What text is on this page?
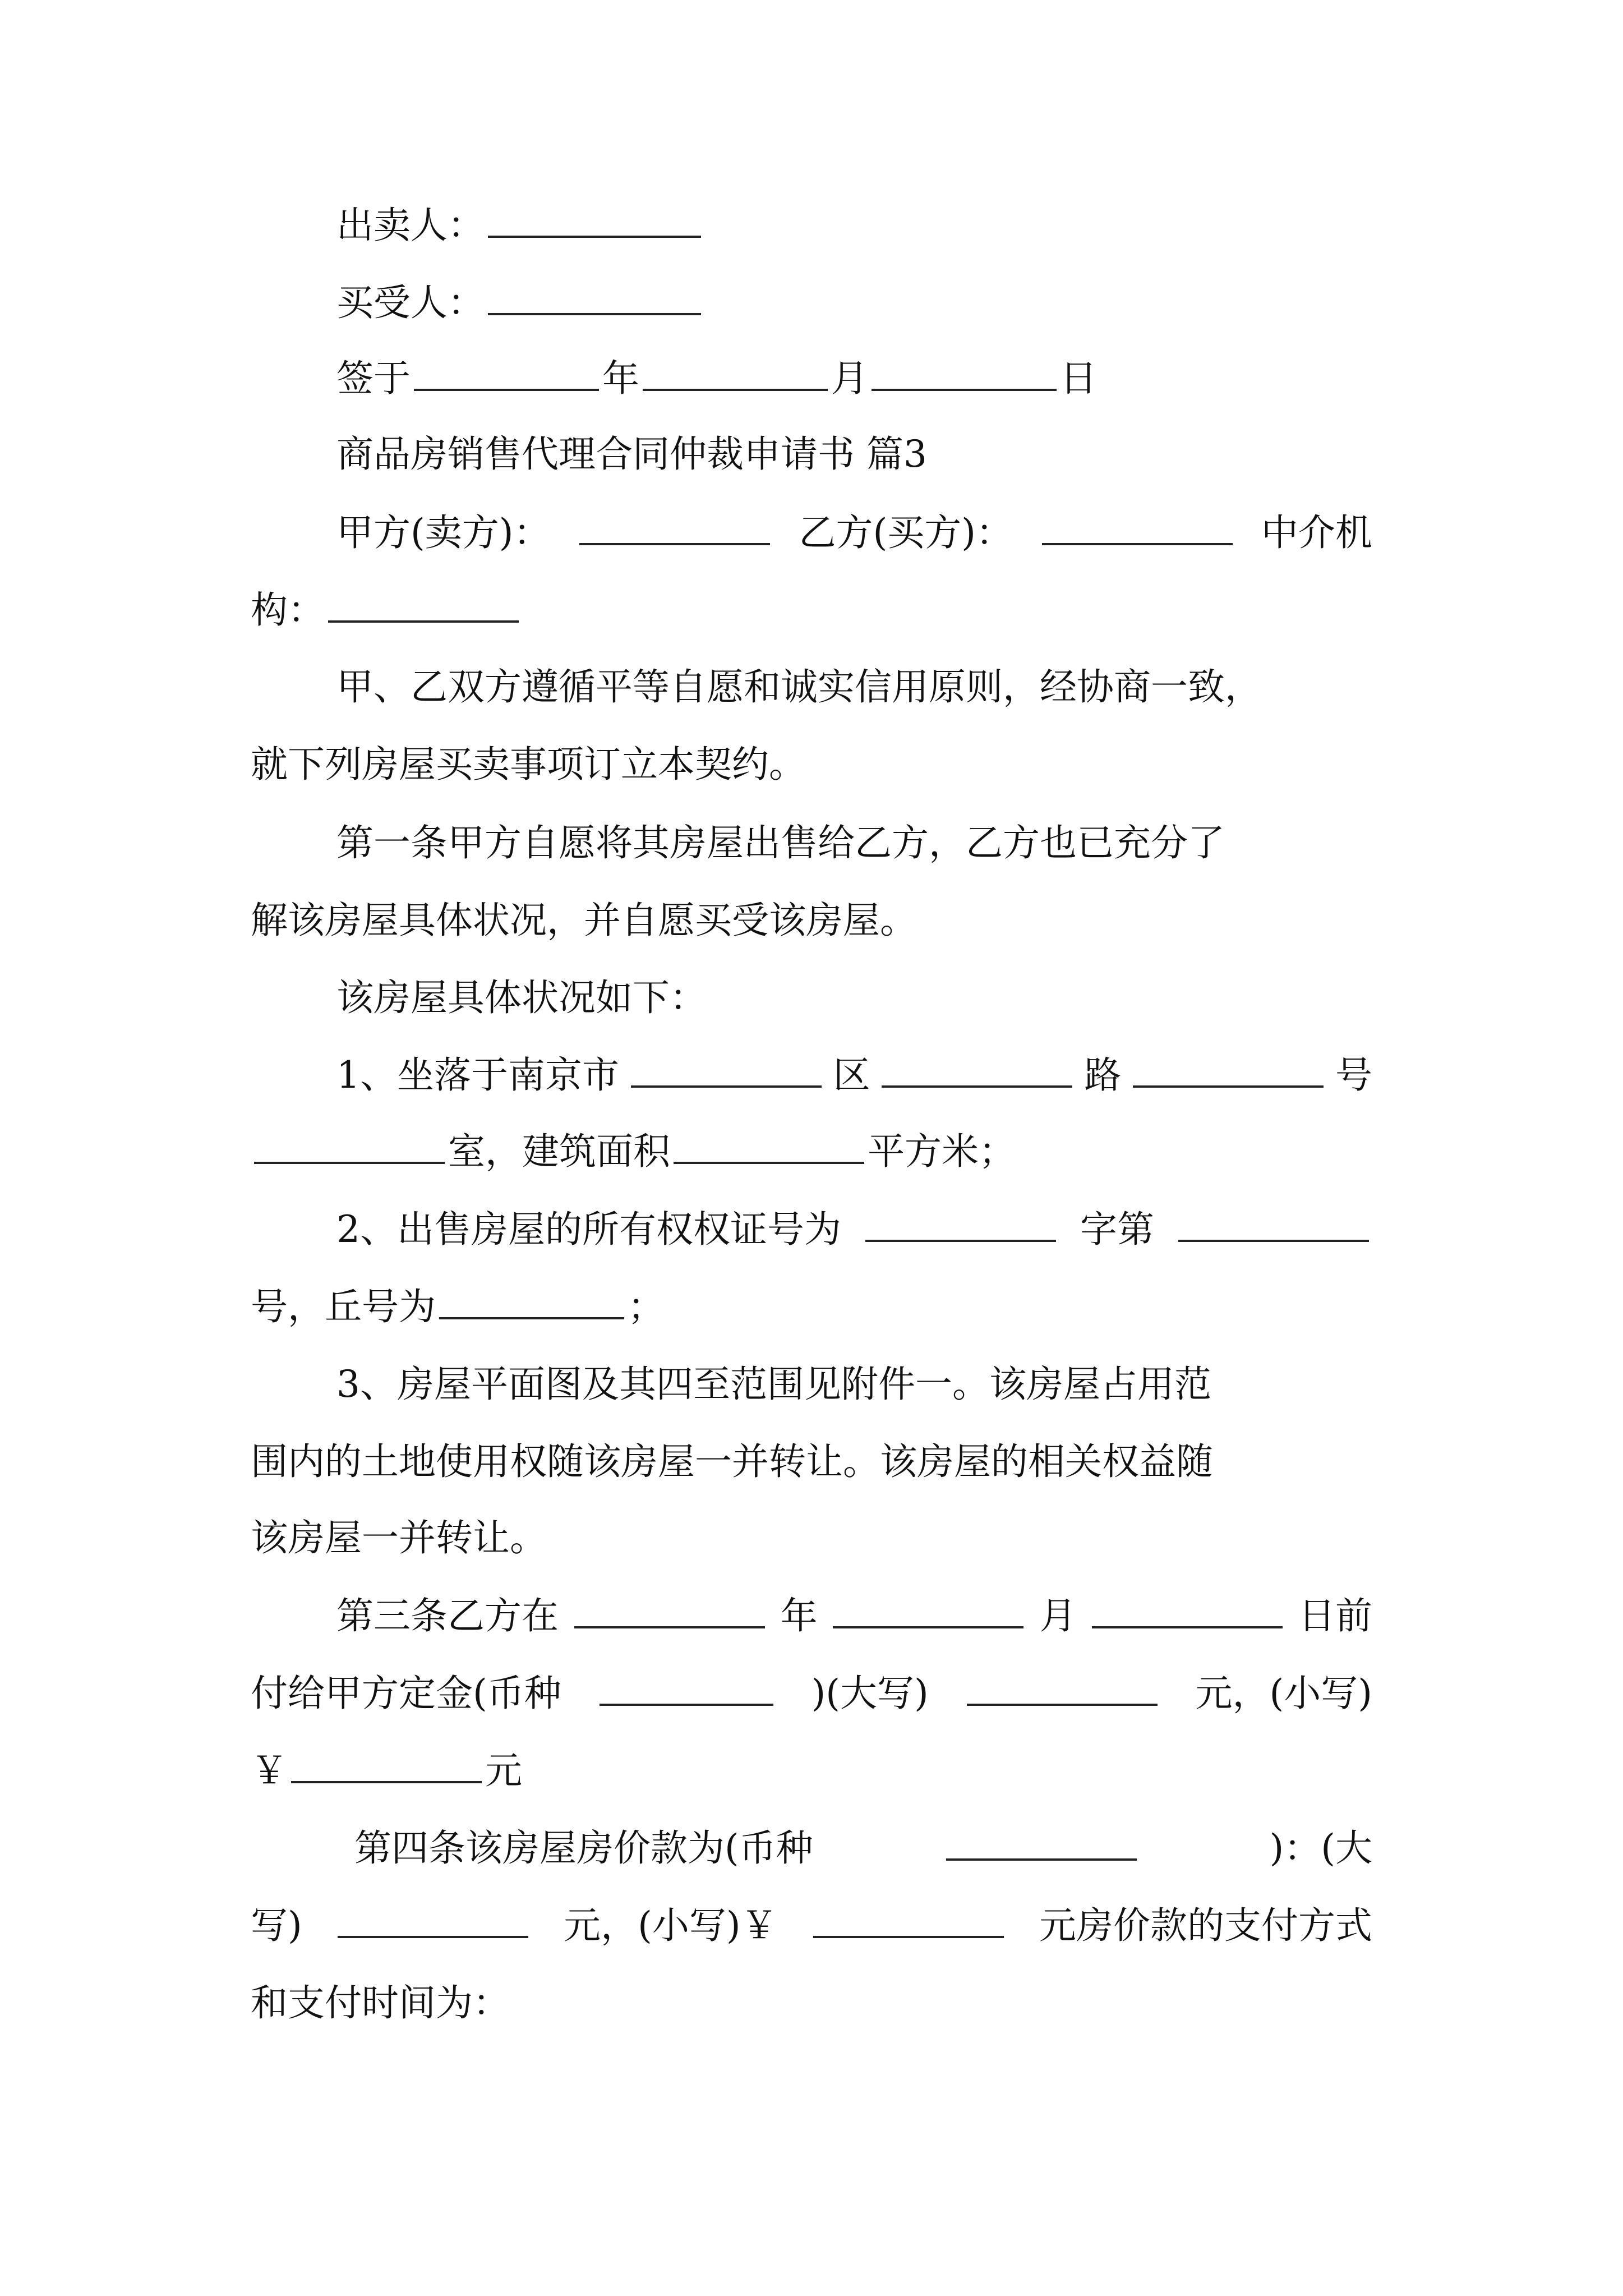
出卖人：
买受人：
签于	年	月	日
商品房销售代理合同仲裁申请书 篇3
甲方(卖方)：	乙方(买方)：	中介机
构：
甲、乙双方遵循平等自愿和诚实信用原则，经协商一致，
就下列房屋买卖事项订立本契约。
第一条甲方自愿将其房屋出售给乙方，乙方也已充分了
解该房屋具体状况，并自愿买受该房屋。
该房屋具体状况如下：
1、坐落于南京市	区	路	号
室，建筑面积	平方米；
2、出售房屋的所有权权证号为	字第
号，丘号为	；
3、房屋平面图及其四至范围见附件一。该房屋占用范
围内的土地使用权随该房屋一并转让。该房屋的相关权益随
该房屋一并转让。
第三条乙方在	年	月	日前
付给甲方定金(币种	)(大写)	元，(小写)
￥	元
第四条该房屋房价款为(币种	)：(大
写)	元，(小写)￥	元房价款的支付方式
和支付时间为：
